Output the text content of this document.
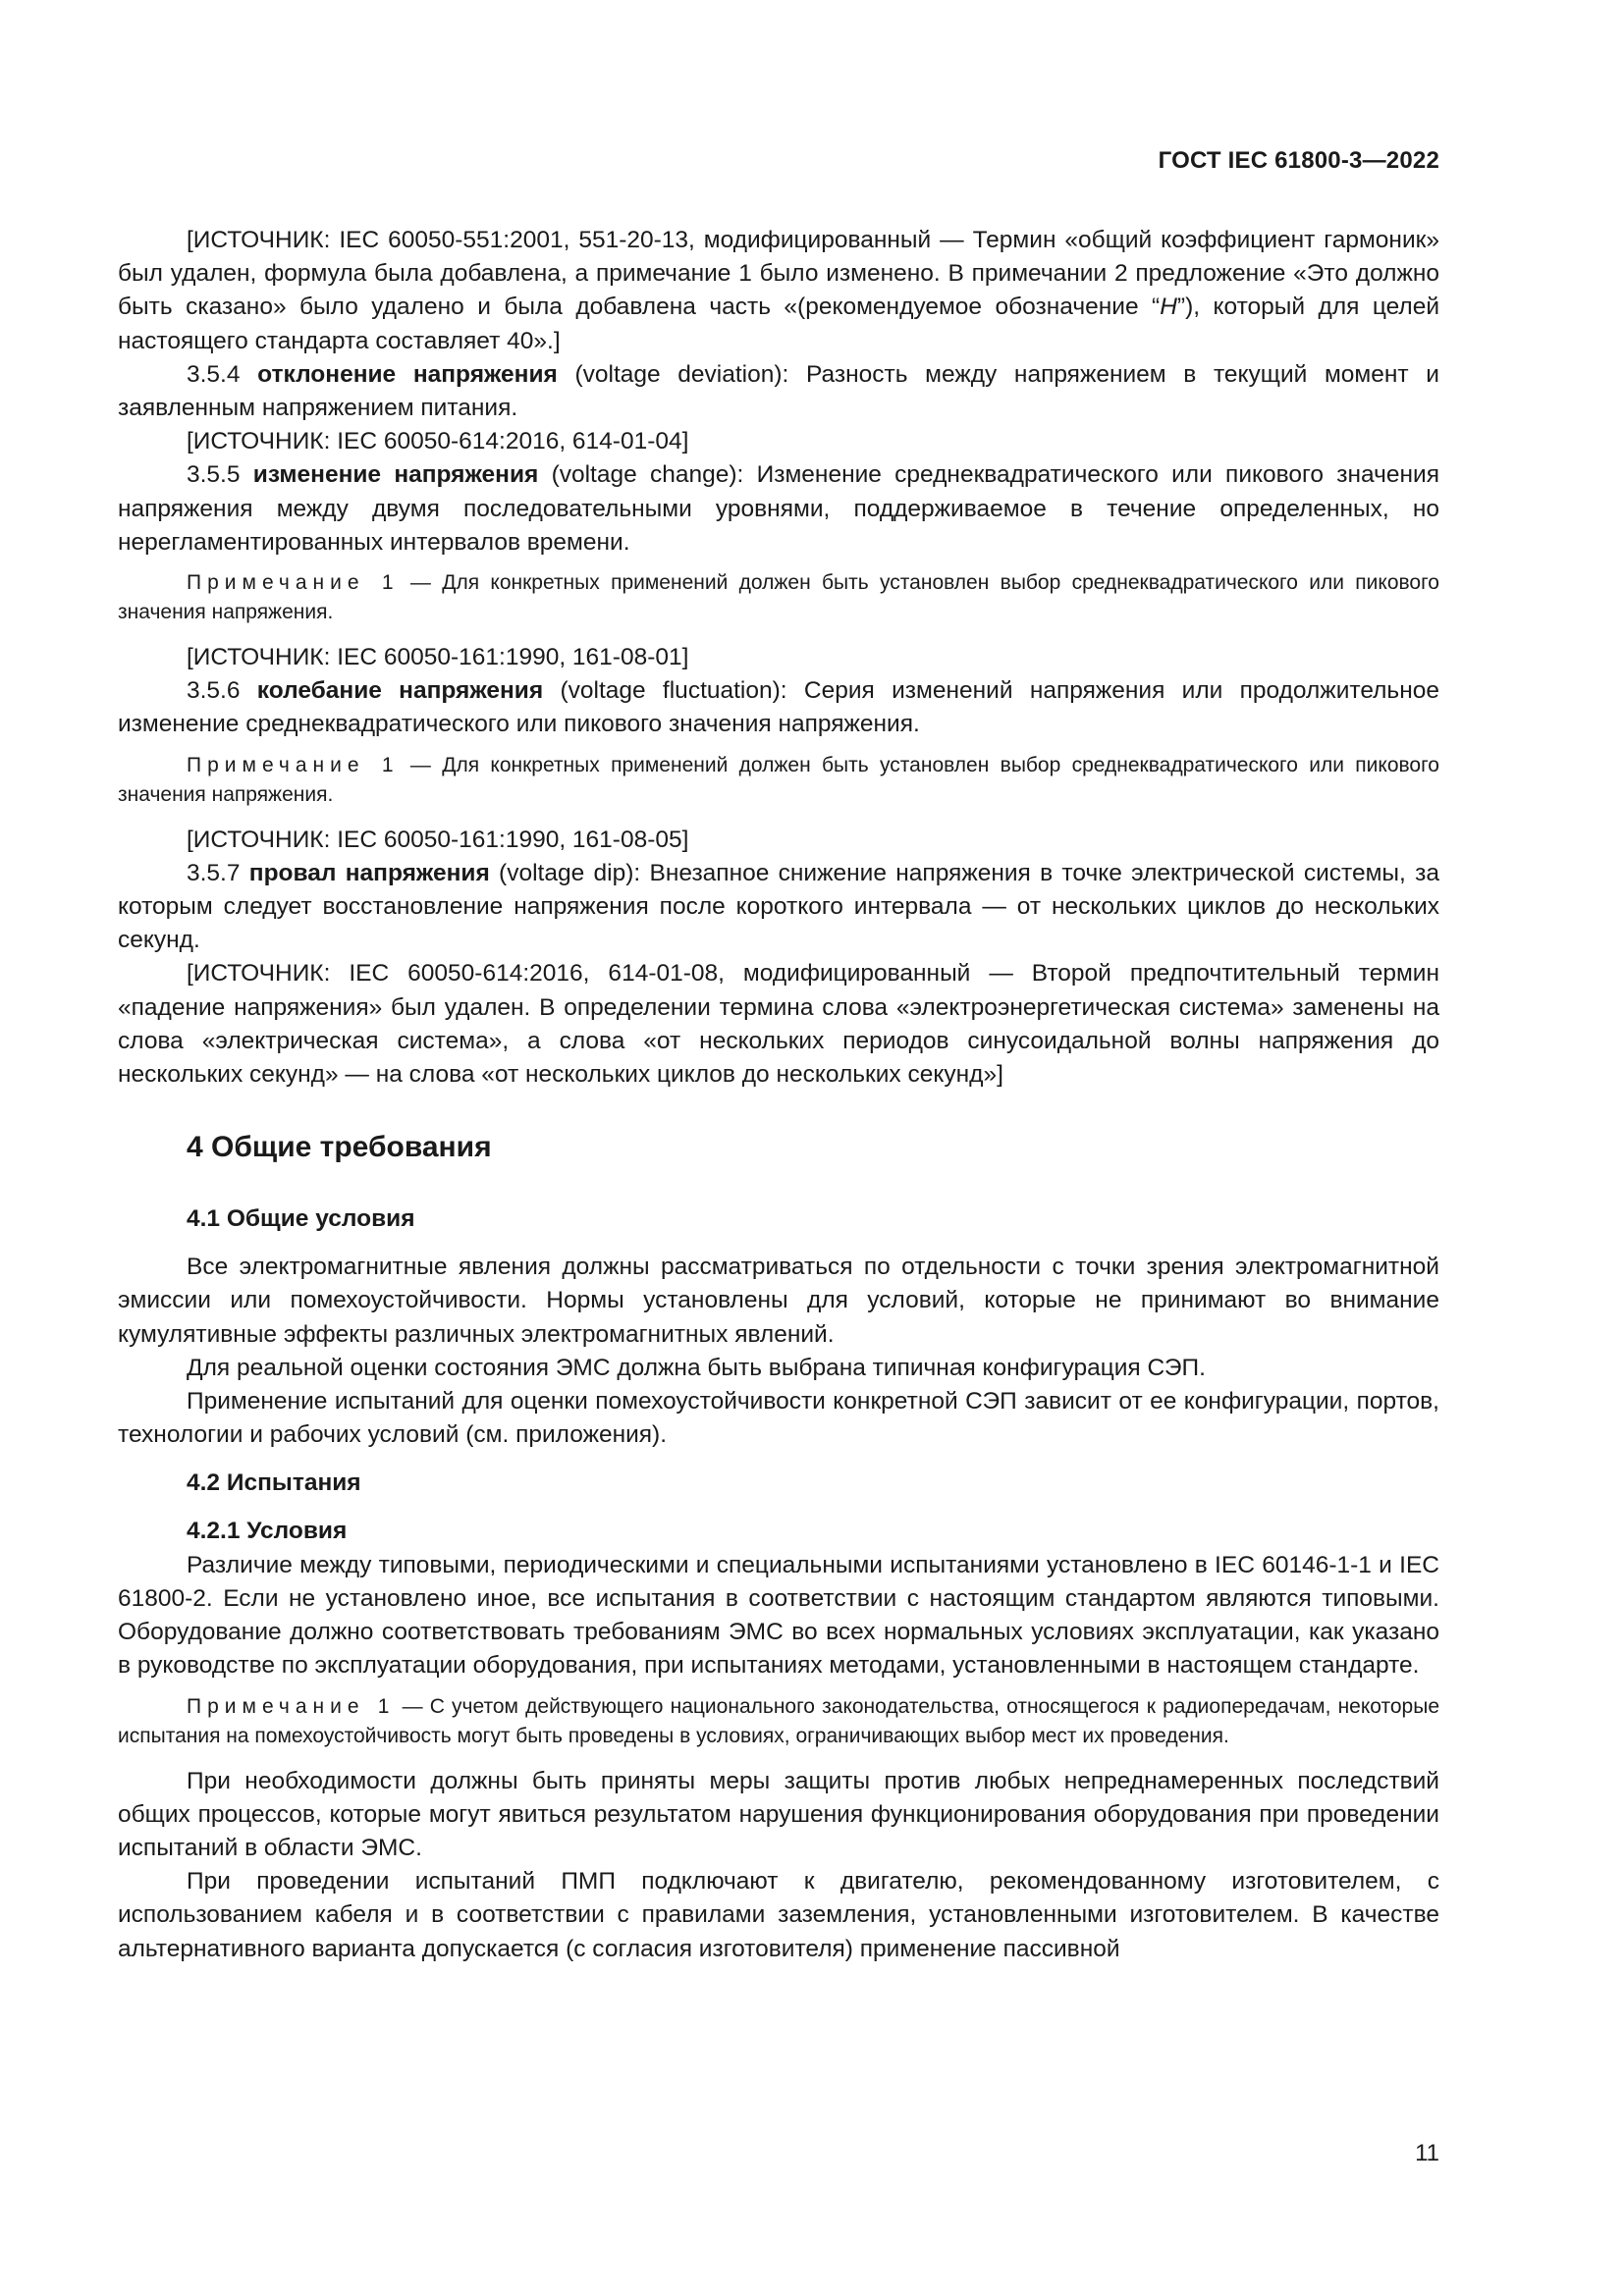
ГОСТ IEC 61800-3—2022

[ИСТОЧНИК: IEC 60050-551:2001, 551-20-13, модифицированный — Термин «общий коэффициент гармоник» был удален, формула была добавлена, а примечание 1 было изменено. В примечании 2 предложение «Это должно быть сказано» было удалено и была добавлена часть «(рекомендуемое обозначение “H”), который для целей настоящего стандарта составляет 40».]

3.5.4 отклонение напряжения (voltage deviation): Разность между напряжением в текущий момент и заявленным напряжением питания.

[ИСТОЧНИК: IEC 60050-614:2016, 614-01-04]

3.5.5 изменение напряжения (voltage change): Изменение среднеквадратического или пикового значения напряжения между двумя последовательными уровнями, поддерживаемое в течение определенных, но нерегламентированных интервалов времени.

Примечание 1 — Для конкретных применений должен быть установлен выбор среднеквадратического или пикового значения напряжения.

[ИСТОЧНИК: IEC 60050-161:1990, 161-08-01]

3.5.6 колебание напряжения (voltage fluctuation): Серия изменений напряжения или продолжительное изменение среднеквадратического или пикового значения напряжения.

Примечание 1 — Для конкретных применений должен быть установлен выбор среднеквадратического или пикового значения напряжения.

[ИСТОЧНИК: IEC 60050-161:1990, 161-08-05]

3.5.7 провал напряжения (voltage dip): Внезапное снижение напряжения в точке электрической системы, за которым следует восстановление напряжения после короткого интервала — от нескольких циклов до нескольких секунд.

[ИСТОЧНИК: IEC 60050-614:2016, 614-01-08, модифицированный — Второй предпочтительный термин «падение напряжения» был удален. В определении термина слова «электроэнергетическая система» заменены на слова «электрическая система», а слова «от нескольких периодов синусоидальной волны напряжения до нескольких секунд» — на слова «от нескольких циклов до нескольких секунд»]

4 Общие требования

4.1 Общие условия

Все электромагнитные явления должны рассматриваться по отдельности с точки зрения электромагнитной эмиссии или помехоустойчивости. Нормы установлены для условий, которые не принимают во внимание кумулятивные эффекты различных электромагнитных явлений.

Для реальной оценки состояния ЭМС должна быть выбрана типичная конфигурация СЭП.

Применение испытаний для оценки помехоустойчивости конкретной СЭП зависит от ее конфигурации, портов, технологии и рабочих условий (см. приложения).

4.2 Испытания

4.2.1 Условия

Различие между типовыми, периодическими и специальными испытаниями установлено в IEC 60146-1-1 и IEC 61800-2. Если не установлено иное, все испытания в соответствии с настоящим стандартом являются типовыми. Оборудование должно соответствовать требованиям ЭМС во всех нормальных условиях эксплуатации, как указано в руководстве по эксплуатации оборудования, при испытаниях методами, установленными в настоящем стандарте.

Примечание 1 — С учетом действующего национального законодательства, относящегося к радиопередачам, некоторые испытания на помехоустойчивость могут быть проведены в условиях, ограничивающих выбор мест их проведения.

При необходимости должны быть приняты меры защиты против любых непреднамеренных последствий общих процессов, которые могут явиться результатом нарушения функционирования оборудования при проведении испытаний в области ЭМС.

При проведении испытаний ПМП подключают к двигателю, рекомендованному изготовителем, с использованием кабеля и в соответствии с правилами заземления, установленными изготовителем. В качестве альтернативного варианта допускается (с согласия изготовителя) применение пассивной

11
